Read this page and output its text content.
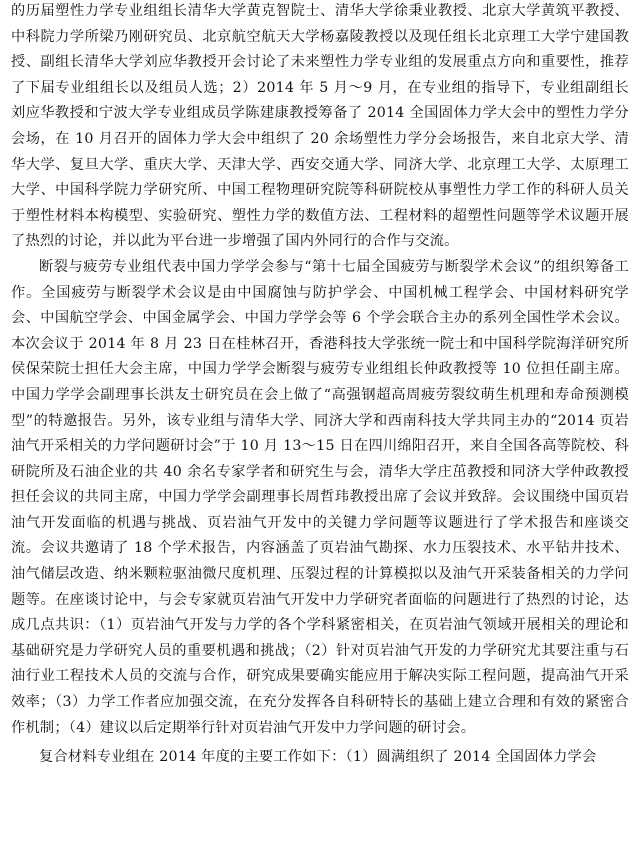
的历届塑性力学专业组组长清华大学黄克智院士、清华大学徐秉业教授、北京大学黄筑平教授、中科院力学所梁乃刚研究员、北京航空航天大学杨嘉陵教授以及现任组长北京理工大学宁建国教授、副组长清华大学刘应华教授开会讨论了未来塑性力学专业组的发展重点方向和重要性，推荐了下届专业组组长以及组员人选；2）2014 年 5 月～9 月，在专业组的指导下，专业组副组长刘应华教授和宁波大学专业组成员学陈建康教授筹备了 2014 全国固体力学大会中的塑性力学分会场，在 10 月召开的固体力学大会中组织了 20 余场塑性力学分会场报告，来自北京大学、清华大学、复旦大学、重庆大学、天津大学、西安交通大学、同济大学、北京理工大学、太原理工大学、中国科学院力学研究所、中国工程物理研究院等科研院校从事塑性力学工作的科研人员关于塑性材料本构模型、实验研究、塑性力学的数值方法、工程材料的超塑性问题等学术议题开展了热烈的讨论，并以此为平台进一步增强了国内外同行的合作与交流。

断裂与疲劳专业组代表中国力学学会参与“第十七届全国疲劳与断裂学术会议”的组织筹备工作。全国疲劳与断裂学术会议是由中国腐蚀与防护学会、中国机械工程学会、中国材料研究学会、中国航空学会、中国金属学会、中国力学学会等 6 个学会联合主办的系列全国性学术会议。本次会议于 2014 年 8 月 23 日在桂林召开，香港科技大学张统一院士和中国科学院海洋研究所侯保荣院士担任大会主席，中国力学学会断裂与疲劳专业组组长仲政教授等 10 位担任副主席。中国力学学会副理事长洪友士研究员在会上做了“高强钢超高周疲劳裂纹萌生机理和寿命预测模型”的特邀报告。另外，该专业组与清华大学、同济大学和西南科技大学共同主办的“2014 页岩油气开采相关的力学问题研讨会”于 10 月 13～15 日在四川绵阳召开，来自全国各高等院校、科研院所及石油企业的共 40 余名专家学者和研究生与会，清华大学庄茁教授和同济大学仲政教授担任会议的共同主席，中国力学学会副理事长周哲玮教授出席了会议并致辞。会议围绕中国页岩油气开发面临的机遇与挑战、页岩油气开发中的关键力学问题等议题进行了学术报告和座谈交流。会议共邀请了 18 个学术报告，内容涵盖了页岩油气勘探、水力压裂技术、水平钻井技术、油气储层改造、纳米颗粒驱油微尺度机理、压裂过程的计算模拟以及油气开采装备相关的力学问题等。在座谈讨论中，与会专家就页岩油气开发中力学研究者面临的问题进行了热烈的讨论，达成几点共识：（1）页岩油气开发与力学的各个学科紧密相关，在页岩油气领域开展相关的理论和基础研究是力学研究人员的重要机遇和挑战；（2）针对页岩油气开发的力学研究尤其要注重与石油行业工程技术人员的交流与合作，研究成果要确实能应用于解决实际工程问题，提高油气开采效率；（3）力学工作者应加强交流，在充分发挥各自科研特长的基础上建立合理和有效的紧密合作机制；（4）建议以后定期举行针对页岩油气开发中力学问题的研讨会。

复合材料专业组在 2014 年度的主要工作如下：（1）圆满组织了 2014 全国固体力学会
